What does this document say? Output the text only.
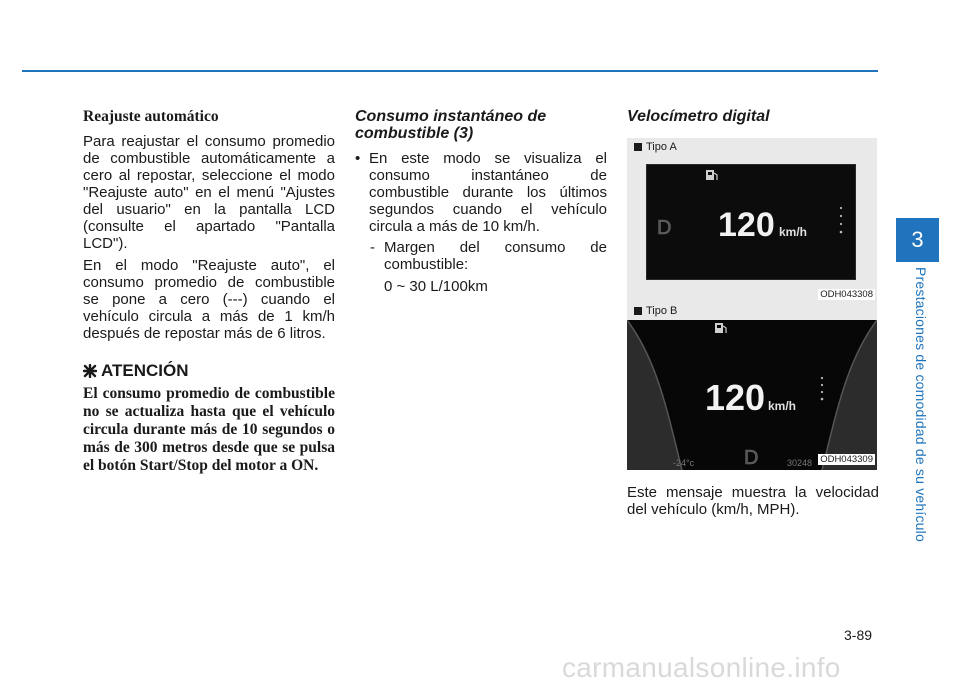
Reajuste automático

Para reajustar el consumo promedio de combustible automáticamente a cero al repostar, seleccione el modo "Reajuste auto" en el menú "Ajustes del usuario" en la pantalla LCD (consulte el apartado "Pantalla LCD").

En el modo "Reajuste auto", el consumo promedio de combustible se pone a cero (---) cuando el vehículo circula a más de 1 km/h después de repostar más de 6 litros.

ATENCIÓN

El consumo promedio de combustible no se actualiza hasta que el vehículo circula durante más de 10 segundos o más de 300 metros desde que se pulsa el botón Start/Stop del motor a ON.

Consumo instantáneo de combustible (3)
• En este modo se visualiza el consumo instantáneo de combustible durante los últimos segundos cuando el vehículo circula a más de 10 km/h.
- Margen del consumo de combustible:
0 ~ 30 L/100km
Velocímetro digital
Tipo A
D 120 km/h
ODH043308
Tipo B
120 km/h
D
-24°c	30248 ODH043309
Este mensaje muestra la velocidad del vehículo (km/h, MPH).
3
Prestaciones de comodidad de su vehículo
3-89
carmanualsonline.info
